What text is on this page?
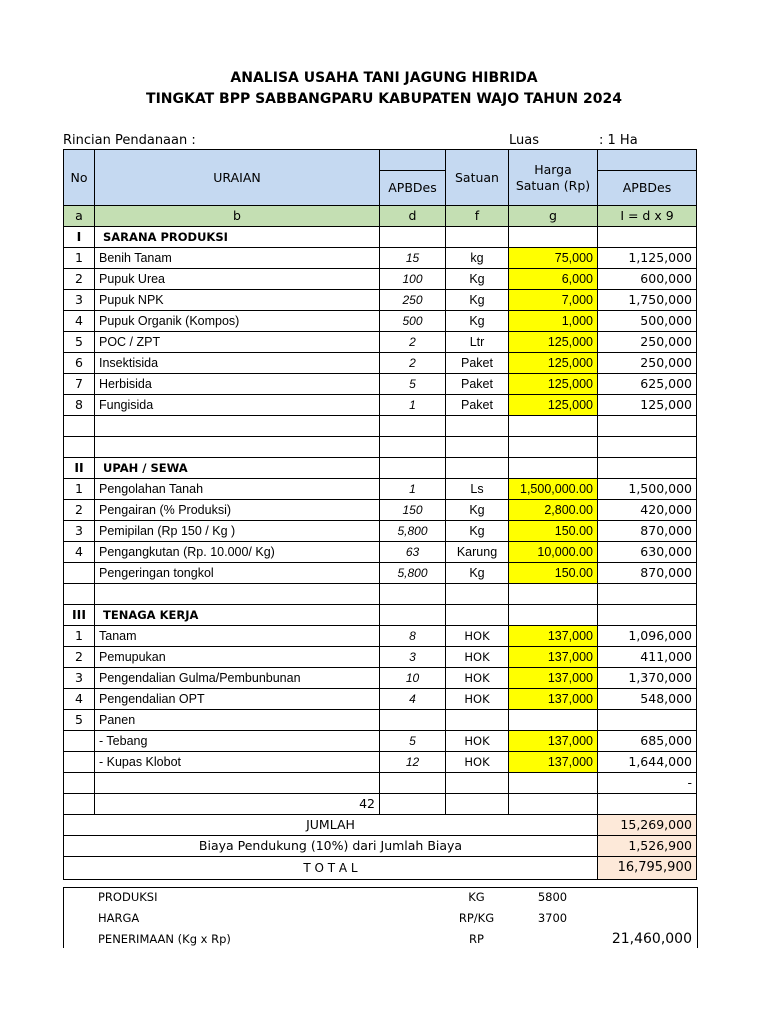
ANALISA USAHA TANI JAGUNG HIBRIDA
TINGKAT BPP SABBANGPARU KABUPATEN WAJO TAHUN 2024
Rincian Pendanaan :	Luas	: 1 Ha
No	URAIAN		Satuan	Harga Satuan (Rp)	
		APBDes			APBDes
a	b	d	f	g	I = d x 9
I	SARANA PRODUKSI				
1	Benih Tanam	15	kg	75,000	1,125,000
2	Pupuk Urea	100	Kg	6,000	600,000
3	Pupuk NPK	250	Kg	7,000	1,750,000
4	Pupuk Organik (Kompos)	500	Kg	1,000	500,000
5	POC / ZPT	2	Ltr	125,000	250,000
6	Insektisida	2	Paket	125,000	250,000
7	Herbisida	5	Paket	125,000	625,000
8	Fungisida	1	Paket	125,000	125,000

II	UPAH / SEWA				
1	Pengolahan Tanah	1	Ls	1,500,000.00	1,500,000
2	Pengairan (% Produksi)	150	Kg	2,800.00	420,000
3	Pemipilan (Rp 150 / Kg )	5,800	Kg	150.00	870,000
4	Pengangkutan (Rp. 10.000/ Kg)	63	Karung	10,000.00	630,000
	Pengeringan tongkol	5,800	Kg	150.00	870,000

III	TENAGA KERJA				
1	Tanam	8	HOK	137,000	1,096,000
2	Pemupukan	3	HOK	137,000	411,000
3	Pengendalian Gulma/Pembunbunan	10	HOK	137,000	1,370,000
4	Pengendalian OPT	4	HOK	137,000	548,000
5	Panen				
	- Tebang	5	HOK	137,000	685,000
	- Kupas Klobot	12	HOK	137,000	1,644,000
					-
	42				
JUMLAH					15,269,000
Biaya Pendukung (10%) dari Jumlah Biaya					1,526,900
T O T A L					16,795,900
	PRODUKSI	KG	5800	
	HARGA	RP/KG	3700	
	PENERIMAAN (Kg x Rp)	RP		21,460,000
